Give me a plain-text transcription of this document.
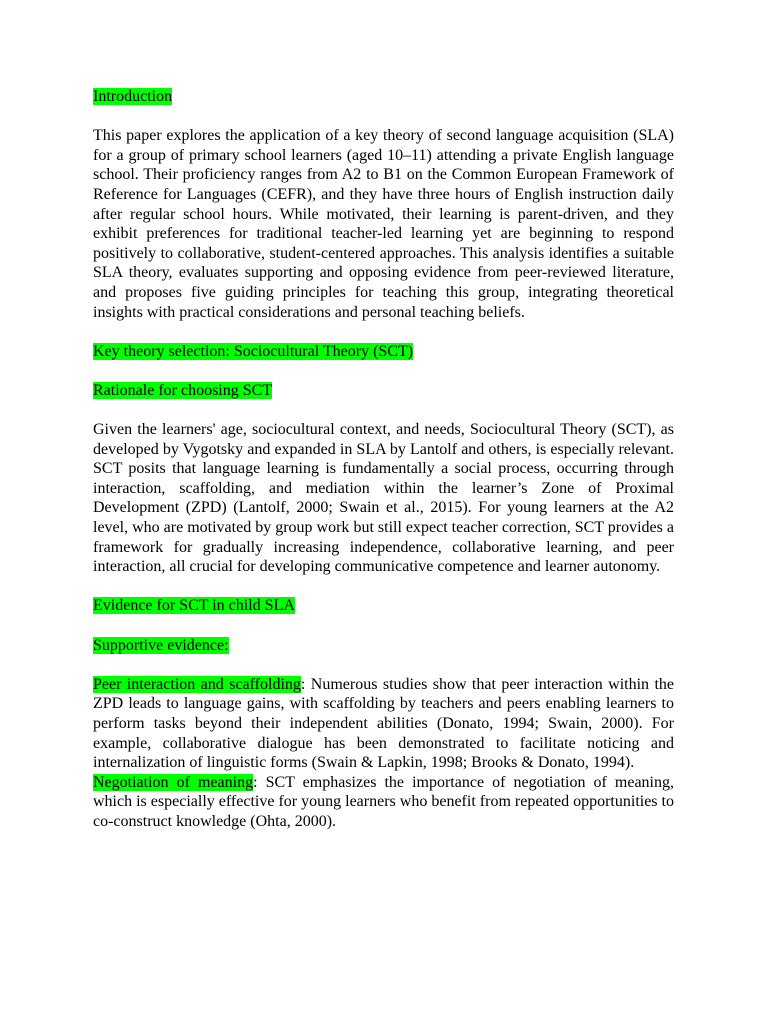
Introduction

This paper explores the application of a key theory of second language acquisition (SLA) for a group of primary school learners (aged 10–11) attending a private English language school. Their proficiency ranges from A2 to B1 on the Common European Framework of Reference for Languages (CEFR), and they have three hours of English instruction daily after regular school hours. While motivated, their learning is parent-driven, and they exhibit preferences for traditional teacher-led learning yet are beginning to respond positively to collaborative, student-centered approaches. This analysis identifies a suitable SLA theory, evaluates supporting and opposing evidence from peer-reviewed literature, and proposes five guiding principles for teaching this group, integrating theoretical insights with practical considerations and personal teaching beliefs.

Key theory selection: Sociocultural Theory (SCT)

Rationale for choosing SCT

Given the learners' age, sociocultural context, and needs, Sociocultural Theory (SCT), as developed by Vygotsky and expanded in SLA by Lantolf and others, is especially relevant. SCT posits that language learning is fundamentally a social process, occurring through interaction, scaffolding, and mediation within the learner’s Zone of Proximal Development (ZPD) (Lantolf, 2000; Swain et al., 2015). For young learners at the A2 level, who are motivated by group work but still expect teacher correction, SCT provides a framework for gradually increasing independence, collaborative learning, and peer interaction, all crucial for developing communicative competence and learner autonomy.

Evidence for SCT in child SLA

Supportive evidence:

Peer interaction and scaffolding: Numerous studies show that peer interaction within the ZPD leads to language gains, with scaffolding by teachers and peers enabling learners to perform tasks beyond their independent abilities (Donato, 1994; Swain, 2000). For example, collaborative dialogue has been demonstrated to facilitate noticing and internalization of linguistic forms (Swain & Lapkin, 1998; Brooks & Donato, 1994).

Negotiation of meaning: SCT emphasizes the importance of negotiation of meaning, which is especially effective for young learners who benefit from repeated opportunities to co-construct knowledge (Ohta, 2000).
